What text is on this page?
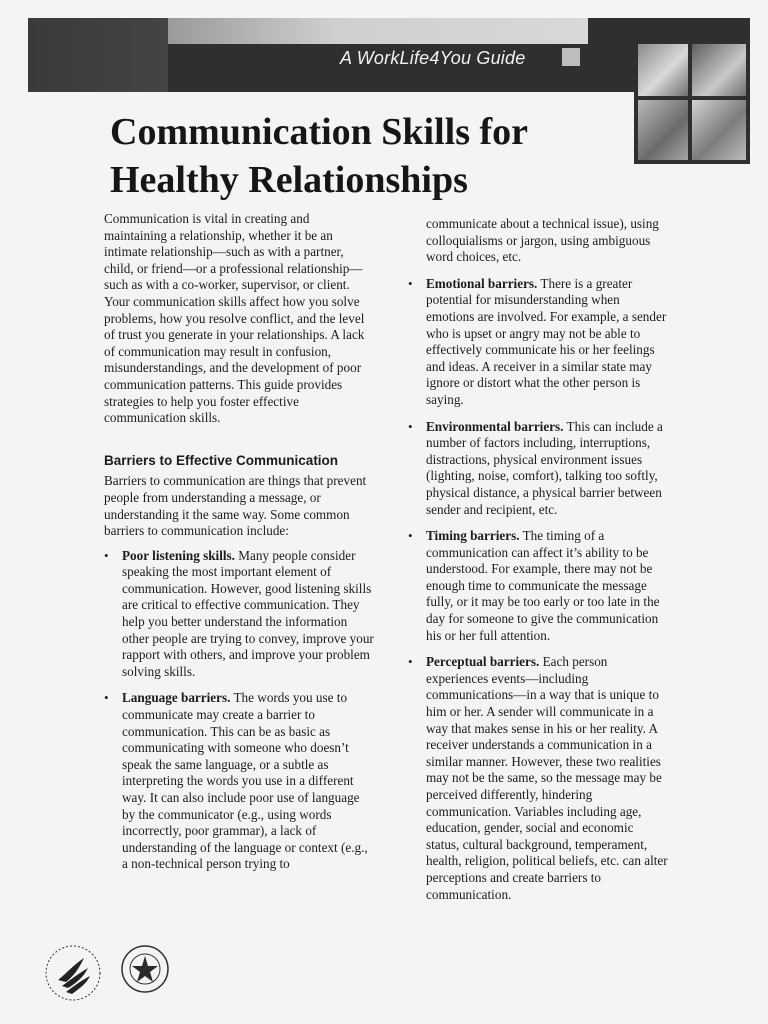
A WorkLife4You Guide
Communication Skills for
Healthy Relationships

Communication is vital in creating and maintaining a relationship, whether it be an intimate relationship—such as with a partner, child, or friend—or a professional relationship—such as with a co-worker, supervisor, or client. Your communication skills affect how you solve problems, how you resolve conflict, and the level of trust you generate in your relationships. A lack of communication may result in confusion, misunderstandings, and the development of poor communication patterns. This guide provides strategies to help you foster effective communication skills.

Barriers to Effective Communication

Barriers to communication are things that prevent people from understanding a message, or understanding it the same way. Some common barriers to communication include:

• Poor listening skills. Many people consider speaking the most important element of communication. However, good listening skills are critical to effective communication. They help you better understand the information other people are trying to convey, improve your rapport with others, and improve your problem solving skills.
• Language barriers. The words you use to communicate may create a barrier to communication. This can be as basic as communicating with someone who doesn’t speak the same language, or a subtle as interpreting the words you use in a different way. It can also include poor use of language by the communicator (e.g., using words incorrectly, poor grammar), a lack of understanding of the language or context (e.g., a non-technical person trying to

communicate about a technical issue), using colloquialisms or jargon, using ambiguous word choices, etc.

• Emotional barriers. There is a greater potential for misunderstanding when emotions are involved. For example, a sender who is upset or angry may not be able to effectively communicate his or her feelings and ideas. A receiver in a similar state may ignore or distort what the other person is saying.
• Environmental barriers. This can include a number of factors including, interruptions, distractions, physical environment issues (lighting, noise, comfort), talking too softly, physical distance, a physical barrier between sender and recipient, etc.
• Timing barriers. The timing of a communication can affect it’s ability to be understood. For example, there may not be enough time to communicate the message fully, or it may be too early or too late in the day for someone to give the communication his or her full attention.
• Perceptual barriers. Each person experiences events—including communications—in a way that is unique to him or her. A sender will communicate in a way that makes sense in his or her reality. A receiver understands a communication in a similar manner. However, these two realities may not be the same, so the message may be perceived differently, hindering communication. Variables including age, education, gender, social and economic status, cultural background, temperament, health, religion, political beliefs, etc. can alter perceptions and create barriers to communication.
